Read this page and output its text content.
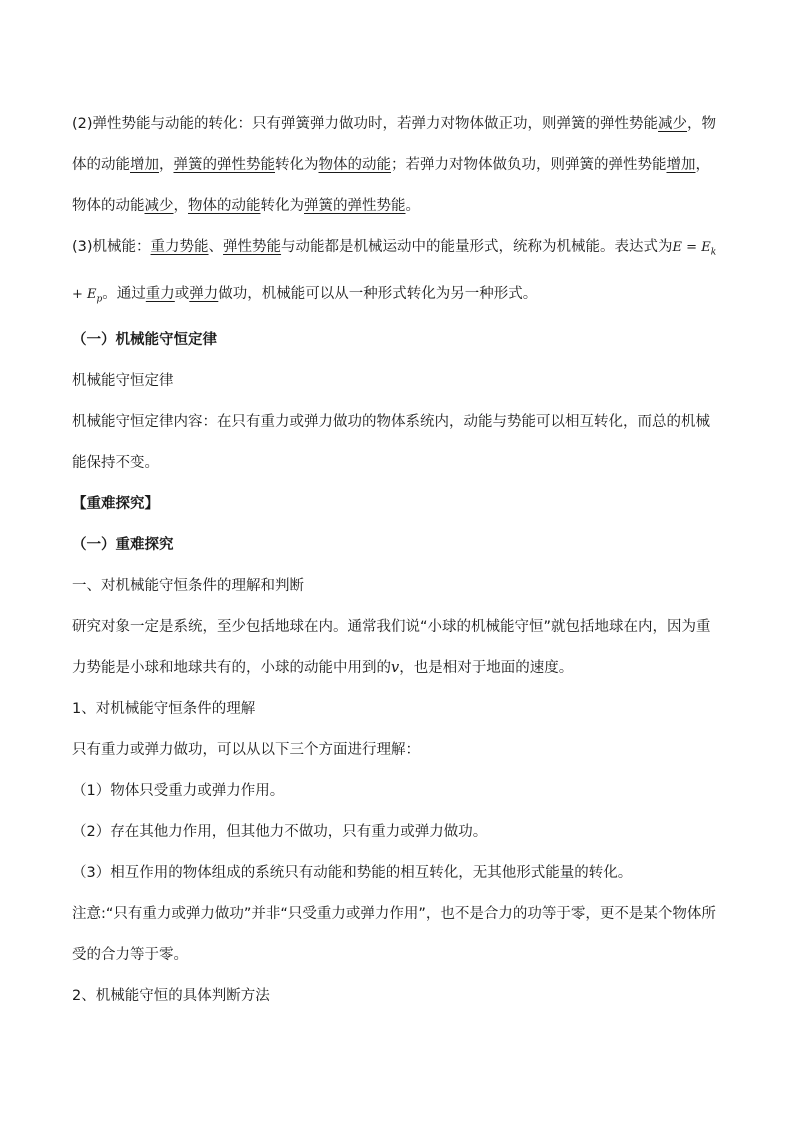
(2)弹性势能与动能的转化：只有弹簧弹力做功时，若弹力对物体做正功，则弹簧的弹性势能减少，物体的动能增加，弹簧的弹性势能转化为物体的动能；若弹力对物体做负功，则弹簧的弹性势能增加，物体的动能减少，物体的动能转化为弹簧的弹性势能。

(3)机械能：重力势能、弹性势能与动能都是机械运动中的能量形式，统称为机械能。表达式为$E = E_k + E_p$。通过重力或弹力做功，机械能可以从一种形式转化为另一种形式。

（一）机械能守恒定律

机械能守恒定律

机械能守恒定律内容：在只有重力或弹力做功的物体系统内，动能与势能可以相互转化，而总的机械能保持不变。

【重难探究】

（一）重难探究

一、对机械能守恒条件的理解和判断

研究对象一定是系统，至少包括地球在内。通常我们说“小球的机械能守恒”就包括地球在内，因为重力势能是小球和地球共有的，小球的动能中用到的v，也是相对于地面的速度。

1、对机械能守恒条件的理解

只有重力或弹力做功，可以从以下三个方面进行理解：

（1）物体只受重力或弹力作用。

（2）存在其他力作用，但其他力不做功，只有重力或弹力做功。

（3）相互作用的物体组成的系统只有动能和势能的相互转化，无其他形式能量的转化。

注意:“只有重力或弹力做功”并非“只受重力或弹力作用”，也不是合力的功等于零，更不是某个物体所受的合力等于零。

2、机械能守恒的具体判断方法
